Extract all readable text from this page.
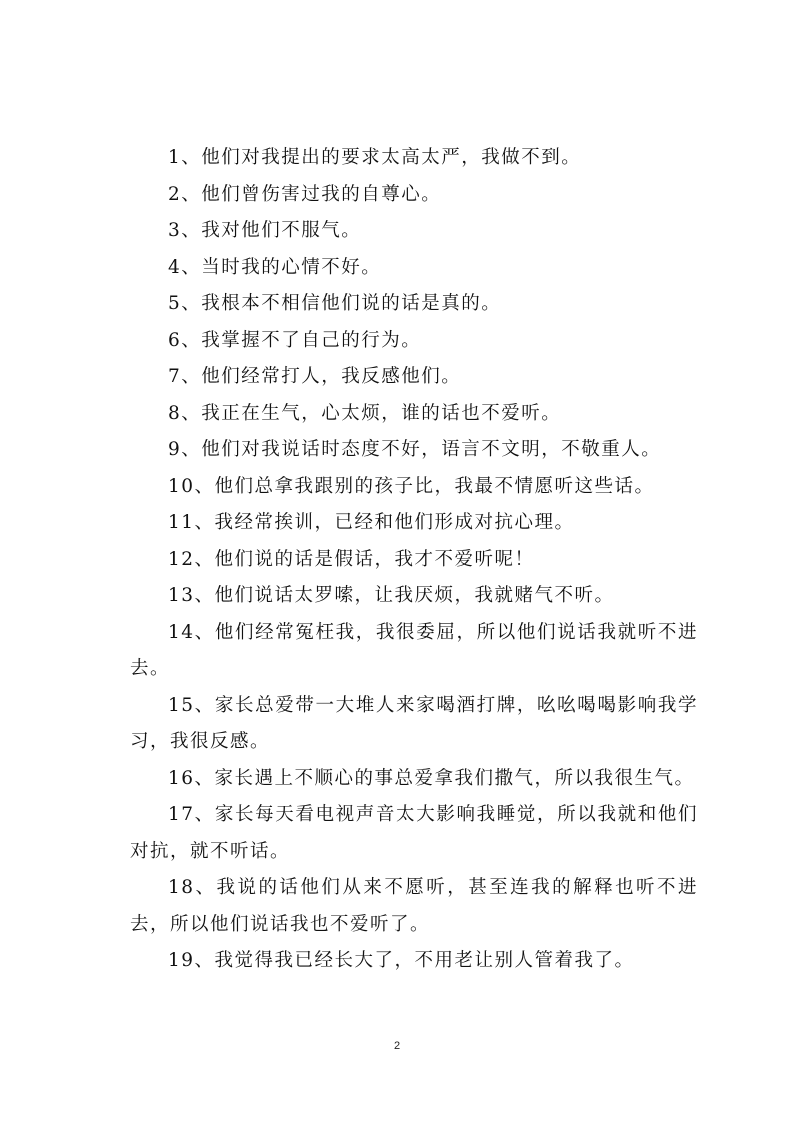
1、他们对我提出的要求太高太严，我做不到。

2、他们曾伤害过我的自尊心。

3、我对他们不服气。

4、当时我的心情不好。

5、我根本不相信他们说的话是真的。

6、我掌握不了自己的行为。

7、他们经常打人，我反感他们。

8、我正在生气，心太烦，谁的话也不爱听。

9、他们对我说话时态度不好，语言不文明，不敬重人。

10、他们总拿我跟别的孩子比，我最不情愿听这些话。

11、我经常挨训，已经和他们形成对抗心理。

12、他们说的话是假话，我才不爱听呢！

13、他们说话太罗嗦，让我厌烦，我就赌气不听。

14、他们经常冤枉我，我很委屈，所以他们说话我就听不进去。

15、家长总爱带一大堆人来家喝酒打牌，吆吆喝喝影响我学习，我很反感。

16、家长遇上不顺心的事总爱拿我们撒气，所以我很生气。

17、家长每天看电视声音太大影响我睡觉，所以我就和他们对抗，就不听话。

18、我说的话他们从来不愿听，甚至连我的解释也听不进去，所以他们说话我也不爱听了。

19、我觉得我已经长大了，不用老让别人管着我了。

2
